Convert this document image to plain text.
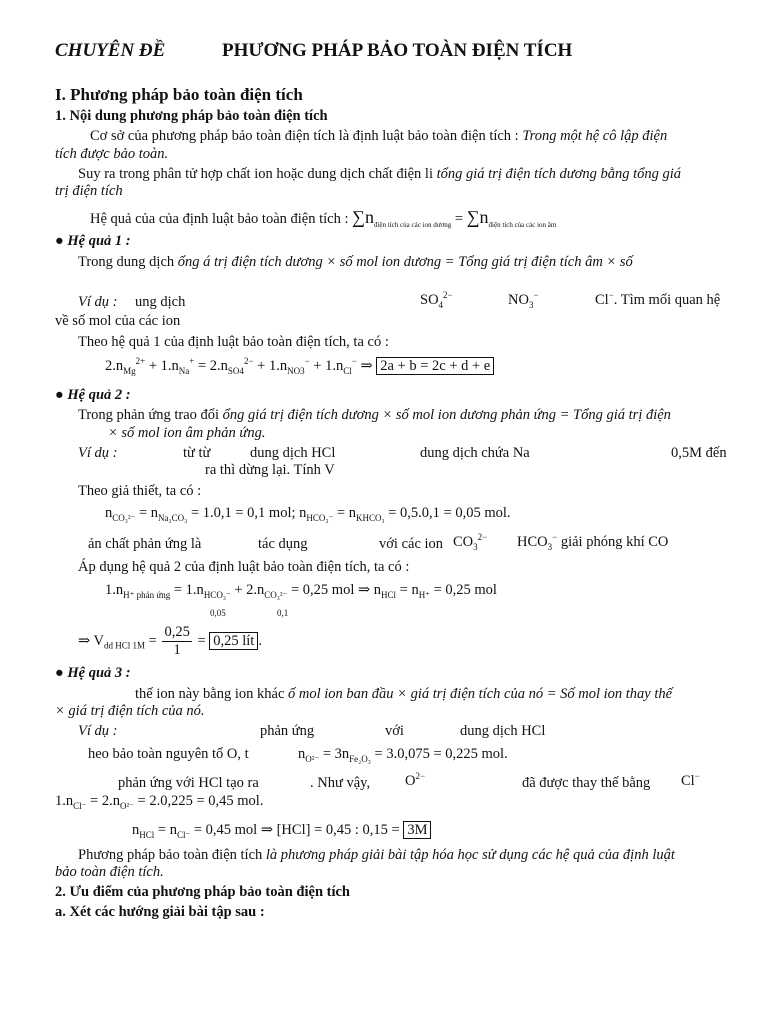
CHUYÊN ĐỀ	PHƯƠNG PHÁP BẢO TOÀN ĐIỆN TÍCH
I. Phương pháp bảo toàn điện tích
1. Nội dung phương pháp bảo toàn điện tích
Cơ sở của phương pháp bảo toàn điện tích là định luật bảo toàn điện tích : Trong một hệ cô lập điện
tích được bảo toàn.
Suy ra trong phân tử hợp chất ion hoặc dung dịch chất điện li tổng giá trị điện tích dương bằng tổng giá
trị điện tích
Hệ quả của của định luật bảo toàn điện tích : $\sum n_{điện tích của các ion dương} = \sum n_{điện tích của các ion âm}$
● Hệ quả 1 :
Trong dung dịch ổng á trị điện tích dương × số mol ion dương = Tổng giá trị điện tích âm × số
Ví dụ : ung dịch	$SO_4^{2-}$	$NO_3^-$	Cl−. Tìm mối quan hệ
về số mol của các ion
Theo hệ quả 1 của định luật bảo toàn điện tích, ta có :
$2.n_{Mg}^{2+} + 1.n_{Na}^+ = 2.n_{SO4}^{2-} + 1.n_{NO3}^- + 1.n_{Cl}^-$ ⇒ 2a + b = 2c + d + e
● Hệ quả 2 :
Trong phản ứng trao đổi ổng giá trị điện tích dương × số mol ion dương phản ứng = Tổng giá trị điện
× số mol ion âm phản ứng.
Ví dụ :	từ từ	dung dịch HCl	dung dịch chứa Na	0,5M đến
ra thì dừng lại. Tính V
Theo giả thiết, ta có :
$n_{CO_3^{2-}} = n_{Na_2CO_3} = 1.0,1 = 0,1$ mol; $n_{HCO_3^-} = n_{KHCO_3} = 0,5.0,1 = 0,05$ mol.
ản chất phản ứng là	tác dụng	với các ion $CO_3^{2-}$ $HCO_3^-$ giải phóng khí CO
Áp dụng hệ quả 2 của định luật bảo toàn điện tích, ta có :
$1.n_{H^+ phản ứng} = 1.n_{HCO_3^-} + 2.n_{CO_3^{2-}} = 0,25$ mol ⇒ $n_{HCl} = n_{H^+} = 0,25$ mol
0,05	0,1
⇒ $V_{dd HCl 1M} = \frac{0,25}{1} = 0,25$ lít .
● Hệ quả 3 :
thế ion này bằng ion khác ố mol ion ban đầu × giá trị điện tích của nó = Số mol ion thay thế
× giá trị điện tích của nó.
Ví dụ :	phản ứng	với	dung dịch HCl
heo bảo toàn nguyên tố O, t	$n_{O^{2-}} = 3n_{Fe_2O_3} = 3.0,075 = 0,225$ mol.
phản ứng với HCl tạo ra	. Như vậy, $O^{2-}$	đã được thay thế bằng Cl−
$1.n_{Cl^-} = 2.n_{O^{2-}} = 2.0,225 = 0,45$ mol.
$n_{HCl} = n_{Cl^-} = 0,45$ mol ⇒ [HCl] = 0,45 : 0,15 = 3M
Phương pháp bảo toàn điện tích là phương pháp giải bài tập hóa học sử dụng các hệ quả của định luật
bảo toàn điện tích.
2. Ưu điểm của phương pháp bảo toàn điện tích
a. Xét các hướng giải bài tập sau :
